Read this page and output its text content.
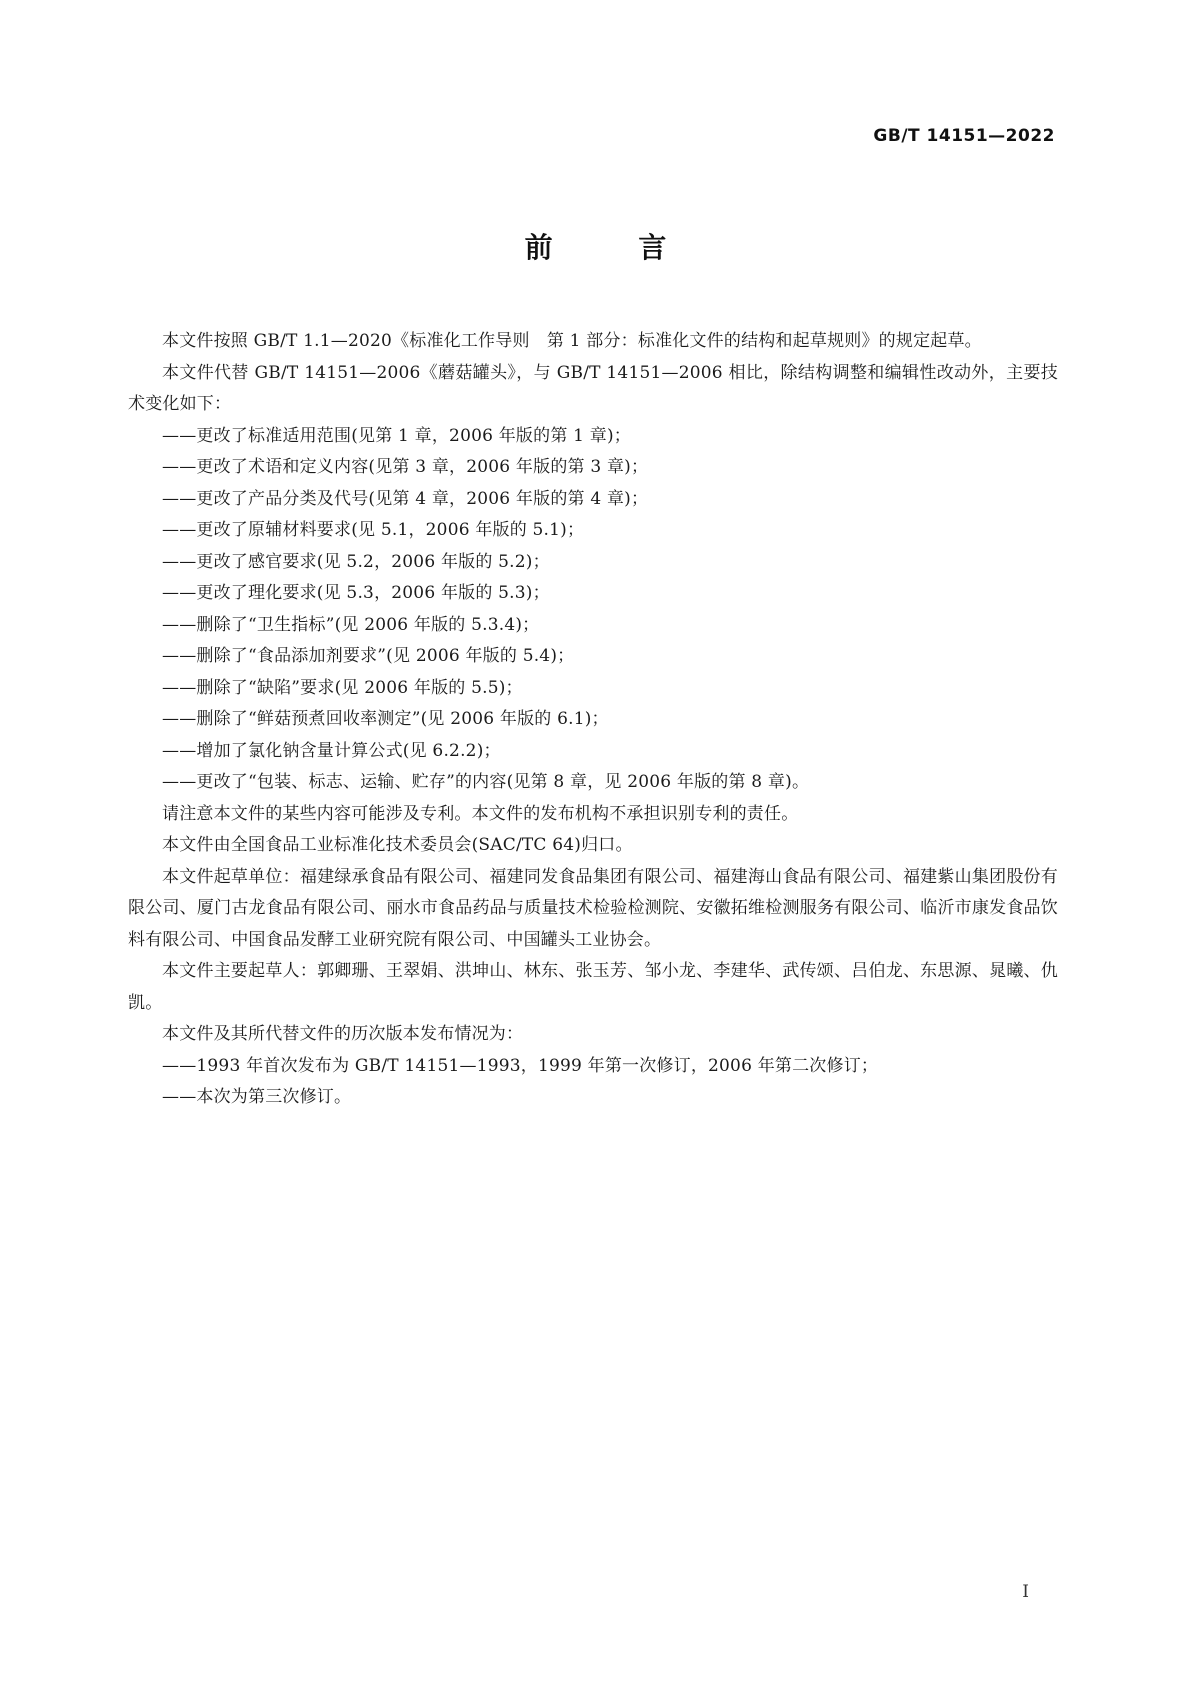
GB/T 14151—2022
前 言

本文件按照 GB/T 1.1—2020《标准化工作导则　第 1 部分：标准化文件的结构和起草规则》的规定起草。

本文件代替 GB/T 14151—2006《蘑菇罐头》，与 GB/T 14151—2006 相比，除结构调整和编辑性改动外，主要技术变化如下：

——更改了标准适用范围(见第 1 章，2006 年版的第 1 章)；

——更改了术语和定义内容(见第 3 章，2006 年版的第 3 章)；

——更改了产品分类及代号(见第 4 章，2006 年版的第 4 章)；

——更改了原辅材料要求(见 5.1，2006 年版的 5.1)；

——更改了感官要求(见 5.2，2006 年版的 5.2)；

——更改了理化要求(见 5.3，2006 年版的 5.3)；

——删除了“卫生指标”(见 2006 年版的 5.3.4)；

——删除了“食品添加剂要求”(见 2006 年版的 5.4)；

——删除了“缺陷”要求(见 2006 年版的 5.5)；

——删除了“鲜菇预煮回收率测定”(见 2006 年版的 6.1)；

——增加了氯化钠含量计算公式(见 6.2.2)；

——更改了“包装、标志、运输、贮存”的内容(见第 8 章，见 2006 年版的第 8 章)。

请注意本文件的某些内容可能涉及专利。本文件的发布机构不承担识别专利的责任。

本文件由全国食品工业标准化技术委员会(SAC/TC 64)归口。

本文件起草单位：福建绿承食品有限公司、福建同发食品集团有限公司、福建海山食品有限公司、福建紫山集团股份有限公司、厦门古龙食品有限公司、丽水市食品药品与质量技术检验检测院、安徽拓维检测服务有限公司、临沂市康发食品饮料有限公司、中国食品发酵工业研究院有限公司、中国罐头工业协会。

本文件主要起草人：郭卿珊、王翠娟、洪坤山、林东、张玉芳、邹小龙、李建华、武传颂、吕伯龙、东思源、晁曦、仇凯。

本文件及其所代替文件的历次版本发布情况为：

——1993 年首次发布为 GB/T 14151—1993，1999 年第一次修订，2006 年第二次修订；

——本次为第三次修订。

I
